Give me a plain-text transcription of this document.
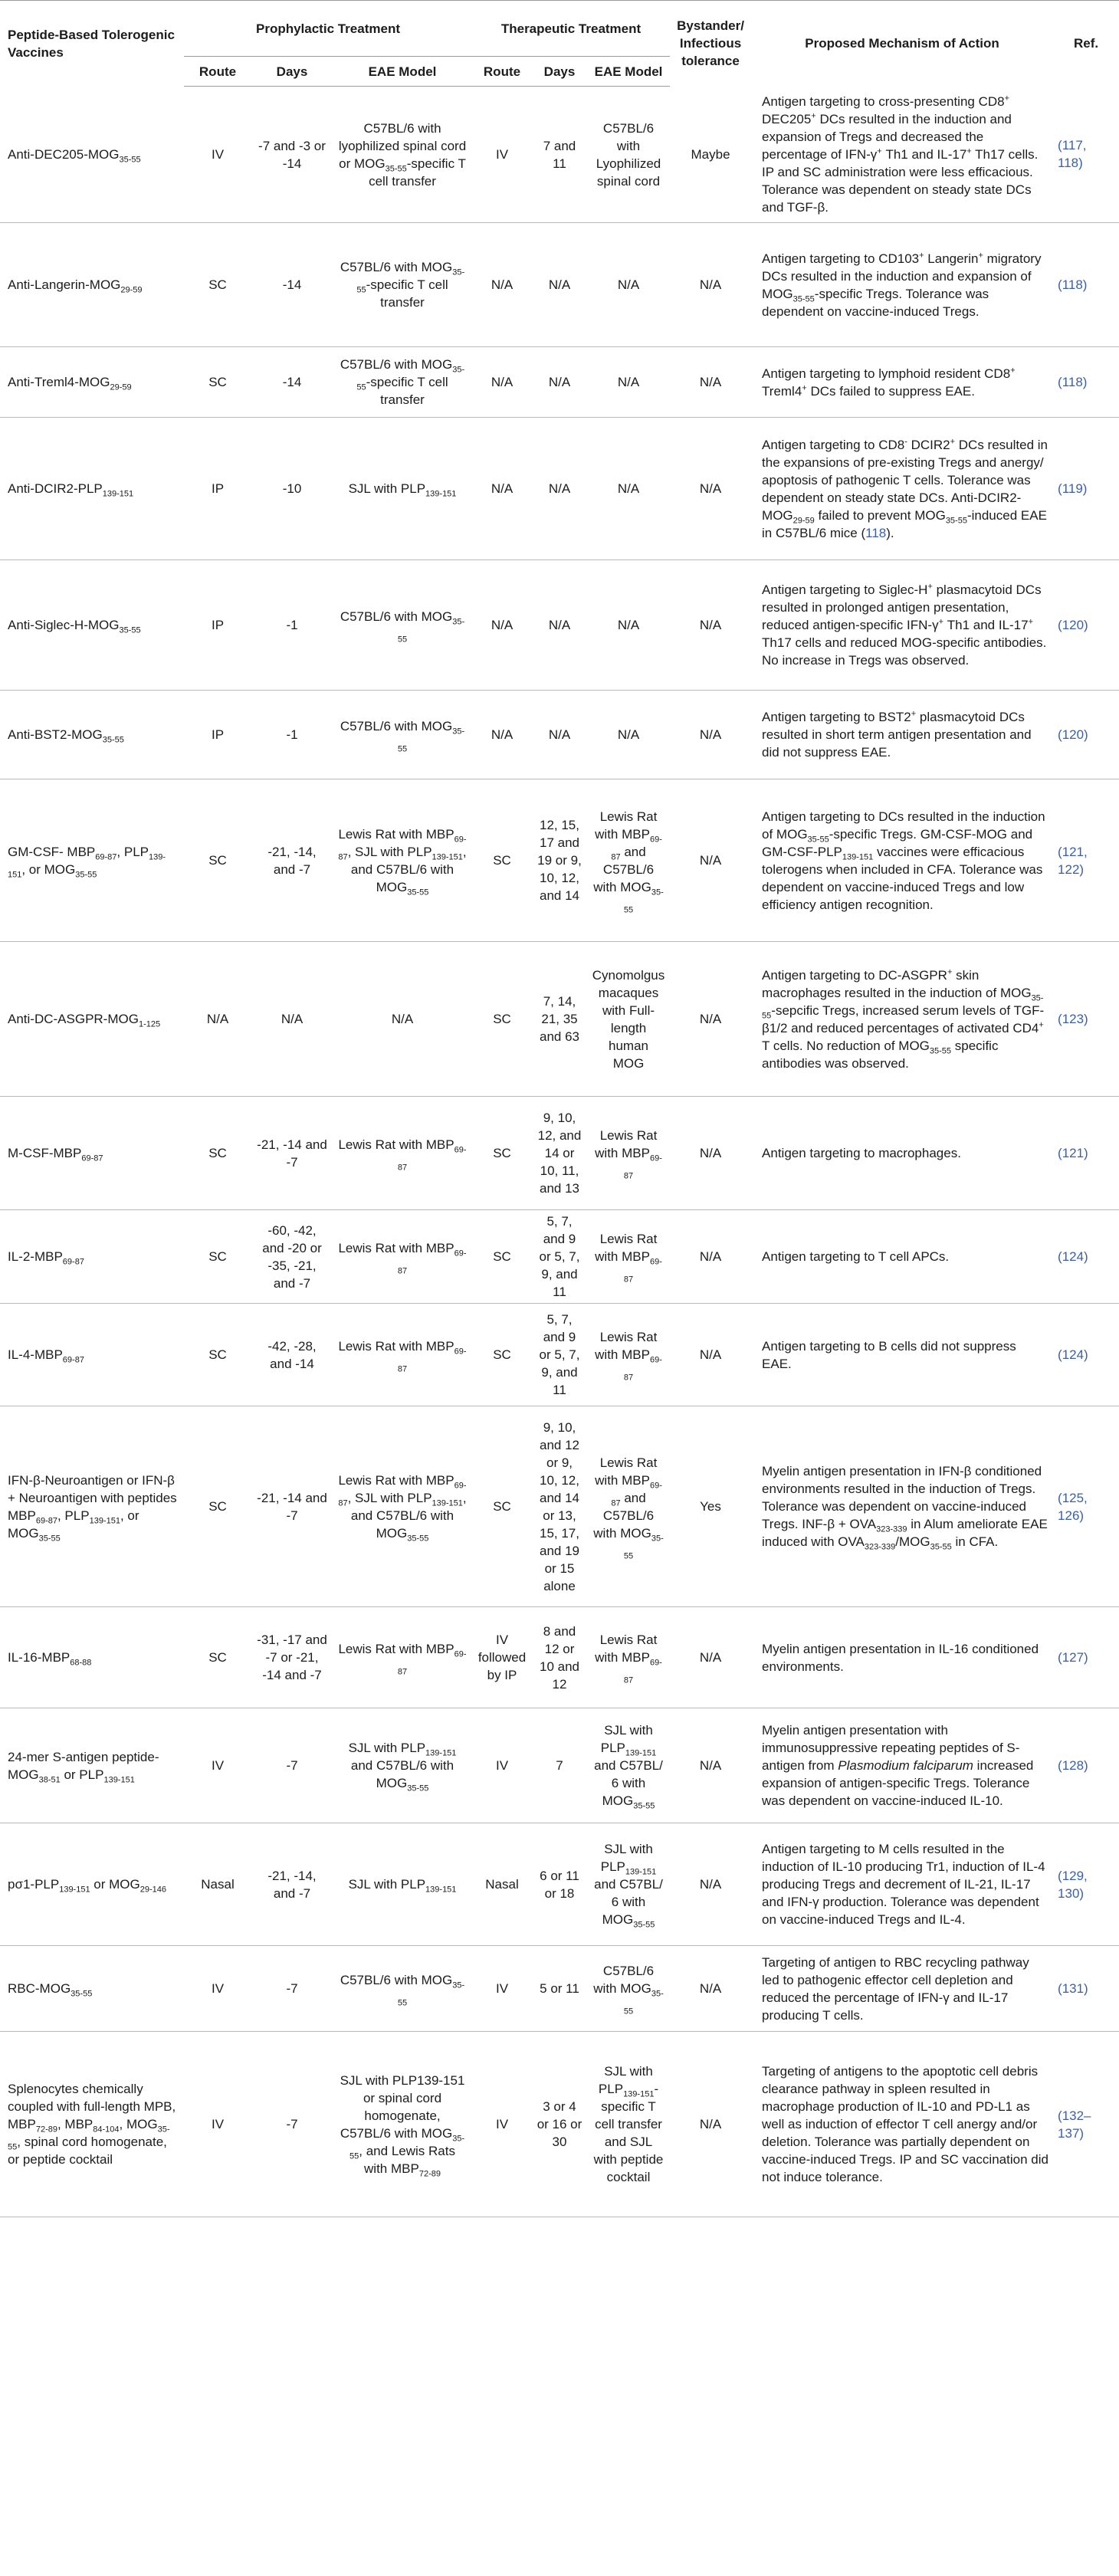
Peptide-Based Tolerogenic Vaccines	Prophylactic Treatment			Therapeutic Treatment			Bystander/ Infectious tolerance	Proposed Mechanism of Action	Ref.
	Route	Days	EAE Model	Route	Days	EAE Model			
Anti-$DEC205-MOG_{35-55}$	IV	-7 and -3 or -14	C57BL/6 with lyophilized spinal cord or $MOG_{35-55}$-specific T cell transfer	IV	7 and 11	C57BL/6 with Lyophilized spinal cord	Maybe	Antigen targeting to cross-presenting CD8+ DEC205+ DCs resulted in the induction and expansion of Tregs and decreased the percentage of IFN-γ+ Th1 and IL-17+ Th17 cells. IP and SC administration were less efficacious. Tolerance was dependent on steady state DCs and TGF-β.	(117, 118)
Anti-$Langerin-MOG_{29-59}$	SC	-14	C57BL/6 with $MOG_{35-55}$-specific T cell transfer	N/A	N/A	N/A	N/A	Antigen targeting to CD103+ Langerin+ migratory DCs resulted in the induction and expansion of $MOG_{35-55}$-specific Tregs. Tolerance was dependent on vaccine-induced Tregs.	(118)
Anti-$Treml4-MOG_{29-59}$	SC	-14	C57BL/6 with $MOG_{35-55}$-specific T cell transfer	N/A	N/A	N/A	N/A	Antigen targeting to lymphoid resident CD8+ Treml4+ DCs failed to suppress EAE.	(118)
Anti-$DCIR2-PLP_{139-151}$	IP	-10	SJL with $PLP_{139-151}$	N/A	N/A	N/A	N/A	Antigen targeting to CD8- DCIR2+ DCs resulted in the expansions of pre-existing Tregs and anergy/ apoptosis of pathogenic T cells. Tolerance was dependent on steady state DCs. Anti-$DCIR2-MOG_{29-59}$ failed to prevent $MOG_{35-55}$-induced EAE in C57BL/6 mice (118).	(119)
Anti-$Siglec-H-MOG_{35-55}$	IP	-1	C57BL/6 with $MOG_{35-55}$	N/A	N/A	N/A	N/A	Antigen targeting to Siglec-H+ plasmacytoid DCs resulted in prolonged antigen presentation, reduced antigen-specific IFN-γ+ Th1 and IL-17+ Th17 cells and reduced MOG-specific antibodies. No increase in Tregs was observed.	(120)
Anti-$BST2-MOG_{35-55}$	IP	-1	C57BL/6 with $MOG_{35-55}$	N/A	N/A	N/A	N/A	Antigen targeting to BST2+ plasmacytoid DCs resulted in short term antigen presentation and did not suppress EAE.	(120)
GM-CSF- $MBP_{69-87}$, $PLP_{139-151}$, or $MOG_{35-55}$	SC	-21, -14, and -7	Lewis Rat with $MBP_{69-87}$, SJL with $PLP_{139-151}$, and C57BL/6 with $MOG_{35-55}$	SC	12, 15, 17 and 19 or 9, 10, 12, and 14	Lewis Rat with $MBP_{69-87}$ and C57BL/6 with $MOG_{35-55}$	N/A	Antigen targeting to DCs resulted in the induction of $MOG_{35-55}$-specific Tregs. GM-CSF-MOG and $GM-CSF-PLP_{139-151}$ vaccines were efficacious tolerogens when included in CFA. Tolerance was dependent on vaccine-induced Tregs and low efficiency antigen recognition.	(121, 122)
Anti-$DC-ASGPR-MOG_{1-125}$	N/A	N/A	N/A	SC	7, 14, 21, 35 and 63	Cynomolgus macaques with Full-length human MOG	N/A	Antigen targeting to DC-ASGPR+ skin macrophages resulted in the induction of $MOG_{35-55}$-sepcific Tregs, increased serum levels of TGF-β1/2 and reduced percentages of activated CD4+ T cells. No reduction of $MOG_{35-55}$ specific antibodies was observed.	(123)
$M-CSF-MBP_{69-87}$	SC	-21, -14 and -7	Lewis Rat with $MBP_{69-87}$	SC	9, 10, 12, and 14 or 10, 11, and 13	Lewis Rat with $MBP_{69-87}$	N/A	Antigen targeting to macrophages.	(121)
$IL-2-MBP_{69-87}$	SC	-60, -42, and -20 or -35, -21, and -7	Lewis Rat with $MBP_{69-87}$	SC	5, 7, and 9 or 5, 7, 9, and 11	Lewis Rat with $MBP_{69-87}$	N/A	Antigen targeting to T cell APCs.	(124)
$IL-4-MBP_{69-87}$	SC	-42, -28, and -14	Lewis Rat with $MBP_{69-87}$	SC	5, 7, and 9 or 5, 7, 9, and 11	Lewis Rat with $MBP_{69-87}$	N/A	Antigen targeting to B cells did not suppress EAE.	(124)
IFN-β-Neuroantigen or IFN-β + Neuroantigen with peptides $MBP_{69-87}$, $PLP_{139-151}$, or $MOG_{35-55}$	SC	-21, -14 and -7	Lewis Rat with $MBP_{69-87}$, SJL with $PLP_{139-151}$, and C57BL/6 with $MOG_{35-55}$	SC	9, 10, and 12 or 9, 10, 12, and 14 or 13, 15, 17, and 19 or 15 alone	Lewis Rat with $MBP_{69-87}$ and C57BL/6 with $MOG_{35-55}$	Yes	Myelin antigen presentation in IFN-β conditioned environments resulted in the induction of Tregs. Tolerance was dependent on vaccine-induced Tregs. $INF-\beta + OVA_{323-339}$ in Alum ameliorate EAE induced with $OVA_{323-339}/MOG_{35-55}$ in CFA.	(125, 126)
$IL-16-MBP_{68-88}$	SC	-31, -17 and -7 or -21, -14 and -7	Lewis Rat with $MBP_{69-87}$	IV followed by IP	8 and 12 or 10 and 12	Lewis Rat with $MBP_{69-87}$	N/A	Myelin antigen presentation in IL-16 conditioned environments.	(127)
24-mer S-antigen peptide-$MOG_{38-51}$ or $PLP_{139-151}$	IV	-7	SJL with $PLP_{139-151}$ and C57BL/6 with $MOG_{35-55}$	IV	7	SJL with $PLP_{139-151}$ and C57BL/ 6 with $MOG_{35-55}$	N/A	Myelin antigen presentation with immunosuppressive repeating peptides of S-antigen from Plasmodium falciparum increased expansion of antigen-specific Tregs. Tolerance was dependent on vaccine-induced IL-10.	(128)
$p\sigma 1-PLP_{139-151}$ or $MOG_{29-146}$	Nasal	-21, -14, and -7	SJL with $PLP_{139-151}$	Nasal	6 or 11 or 18	SJL with $PLP_{139-151}$ and C57BL/ 6 with $MOG_{35-55}$	N/A	Antigen targeting to M cells resulted in the induction of IL-10 producing Tr1, induction of IL-4 producing Tregs and decrement of IL-21, IL-17 and IFN-γ production. Tolerance was dependent on vaccine-induced Tregs and IL-4.	(129, 130)
RBC-$MOG_{35-55}$	IV	-7	C57BL/6 with $MOG_{35-55}$	IV	5 or 11	C57BL/6 with $MOG_{35-55}$	N/A	Targeting of antigen to RBC recycling pathway led to pathogenic effector cell depletion and reduced the percentage of IFN-γ and IL-17 producing T cells.	(131)
Splenocytes chemically coupled with full-length MPB, $MBP_{72-89}$, $MBP_{84-104}$, $MOG_{35-55}$, spinal cord homogenate, or peptide cocktail	IV	-7	SJL with PLP139-151 or spinal cord homogenate, C57BL/6 with $MOG_{35-55}$, and Lewis Rats with $MBP_{72-89}$	IV	3 or 4 or 16 or 30	SJL with $PLP_{139-151}$-specific T cell transfer and SJL with peptide cocktail	N/A	Targeting of antigens to the apoptotic cell debris clearance pathway in spleen resulted in macrophage production of IL-10 and PD-L1 as well as induction of effector T cell anergy and/or deletion. Tolerance was partially dependent on vaccine-induced Tregs. IP and SC vaccination did not induce tolerance.	(132–137)
